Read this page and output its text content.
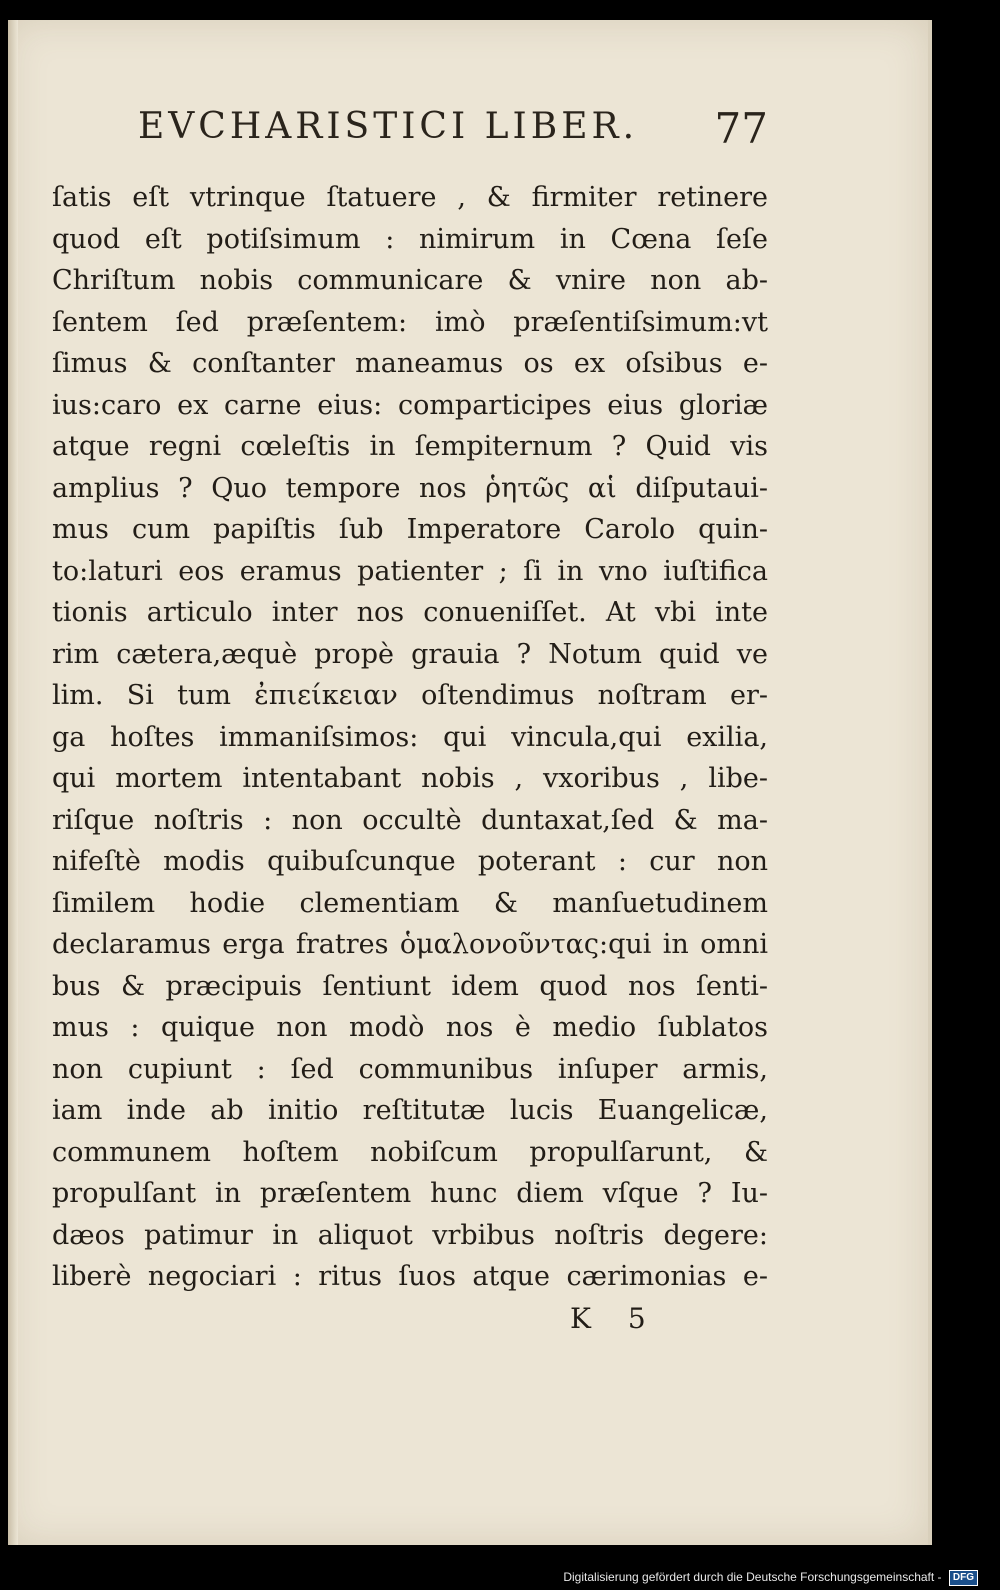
EVCHARISTICI LIBER. 77
ſatis eſt vtrinque ſtatuere , & firmiter retinere
quod eſt potiſsimum : nimirum in Cœna ſeſe
Chriſtum nobis communicare & vnire non ab-
ſentem ſed præſentem: imò præſentiſsimum:vt
ſimus & conſtanter maneamus os ex oſsibus e-
ius:caro ex carne eius: comparticipes eius gloriæ
atque regni cœleſtis in ſempiternum ? Quid vis
amplius ? Quo tempore nos ῥητῶς αἱ diſputaui-
mus cum papiſtis ſub Imperatore Carolo quin-
to:laturi eos eramus patienter ; ſi in vno iuſtifica
tionis articulo inter nos conueniſſet. At vbi inte
rim cætera,æquè propè grauia ? Notum quid ve
lim. Si tum ἐπιείκειαν oſtendimus noſtram er-
ga hoſtes immaniſsimos: qui vincula,qui exilia,
qui mortem intentabant nobis , vxoribus , libe-
riſque noſtris : non occultè duntaxat,ſed & ma-
nifeſtè modis quibuſcunque poterant : cur non
ſimilem hodie clementiam & manſuetudinem
declaramus erga fratres ὁμαλονοῦντας:qui in omni
bus & præcipuis ſentiunt idem quod nos ſenti-
mus : quique non modò nos è medio ſublatos
non cupiunt : ſed communibus inſuper armis,
iam inde ab initio reſtitutæ lucis Euangelicæ,
communem hoſtem nobiſcum propulſarunt, &
propulſant in præſentem hunc diem vſque ? Iu-
dæos patimur in aliquot vrbibus noſtris degere:
liberè negociari : ritus ſuos atque cærimonias e-
K 5
Digitalisierung gefördert durch die Deutsche Forschungsgemeinschaft - DFG
